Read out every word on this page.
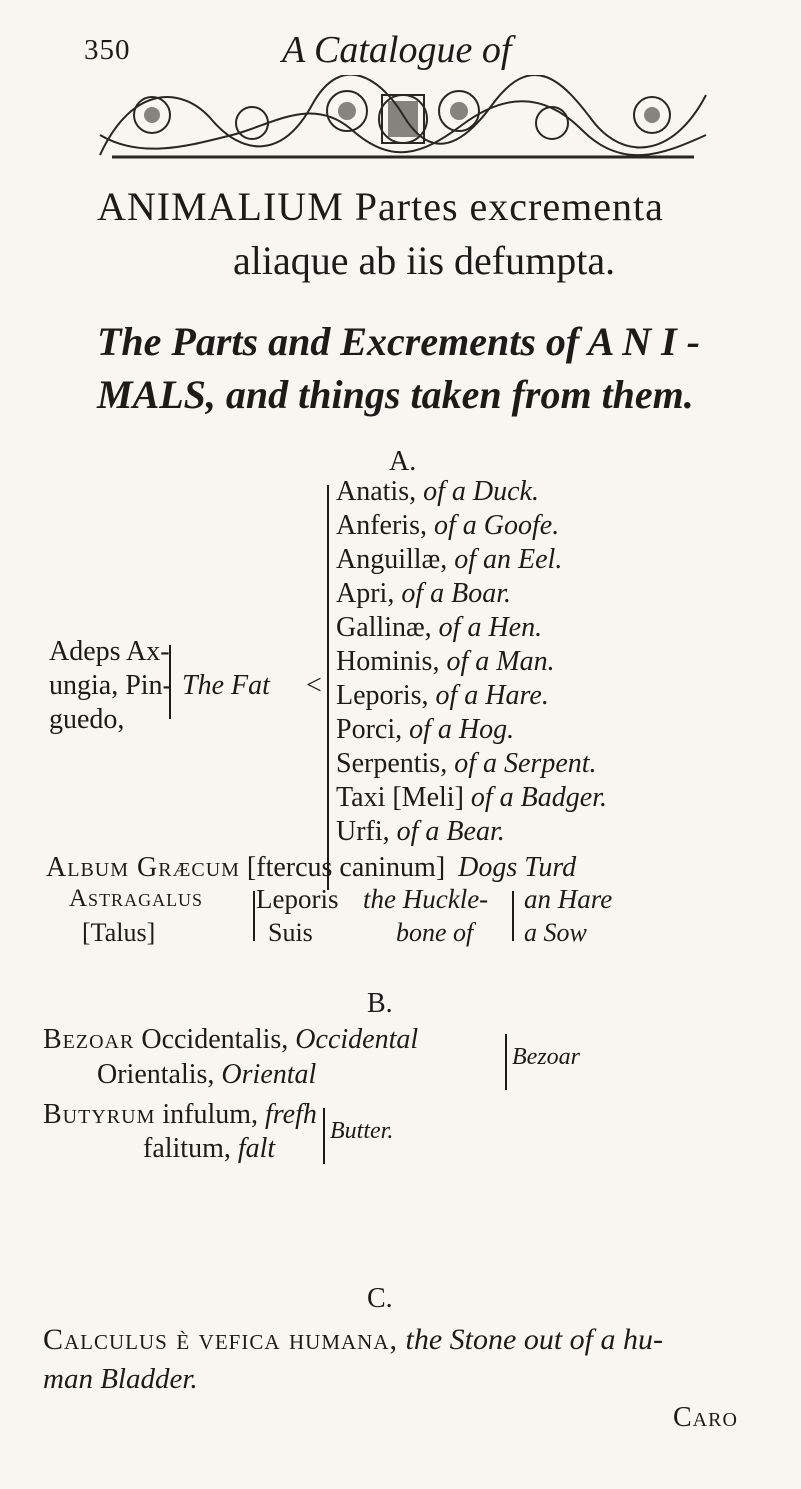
350	A Catalogue of
ANIMALIUM Partes excrementa
aliaque ab iis defumpta.
The Parts and Excrements of A N I -
MALS, and things taken from them.
A.
Adeps Ax-
ungia, Pin-
guedo,
The Fat <
Anatis, of a Duck.
Anferis, of a Goofe.
Anguillæ, of an Eel.
Apri, of a Boar.
Gallinæ, of a Hen.
Hominis, of a Man.
Leporis, of a Hare.
Porci, of a Hog.
Serpentis, of a Serpent.
Taxi [Meli] of a Badger.
Urfi, of a Bear.
Album Græcum [ftercus caninum] Dogs Turd
Astragalus
[Talus]
Leporis
Suis
the Huckle-
bone of
an Hare
a Sow
B.
Bezoar Occidentalis, Occidental
Orientalis, Oriental
Bezoar
Butyrum infulum, frefh
falitum, falt
Butter.
C.
Calculus è vefica humana, the Stone out of a hu-
man Bladder.
Caro
